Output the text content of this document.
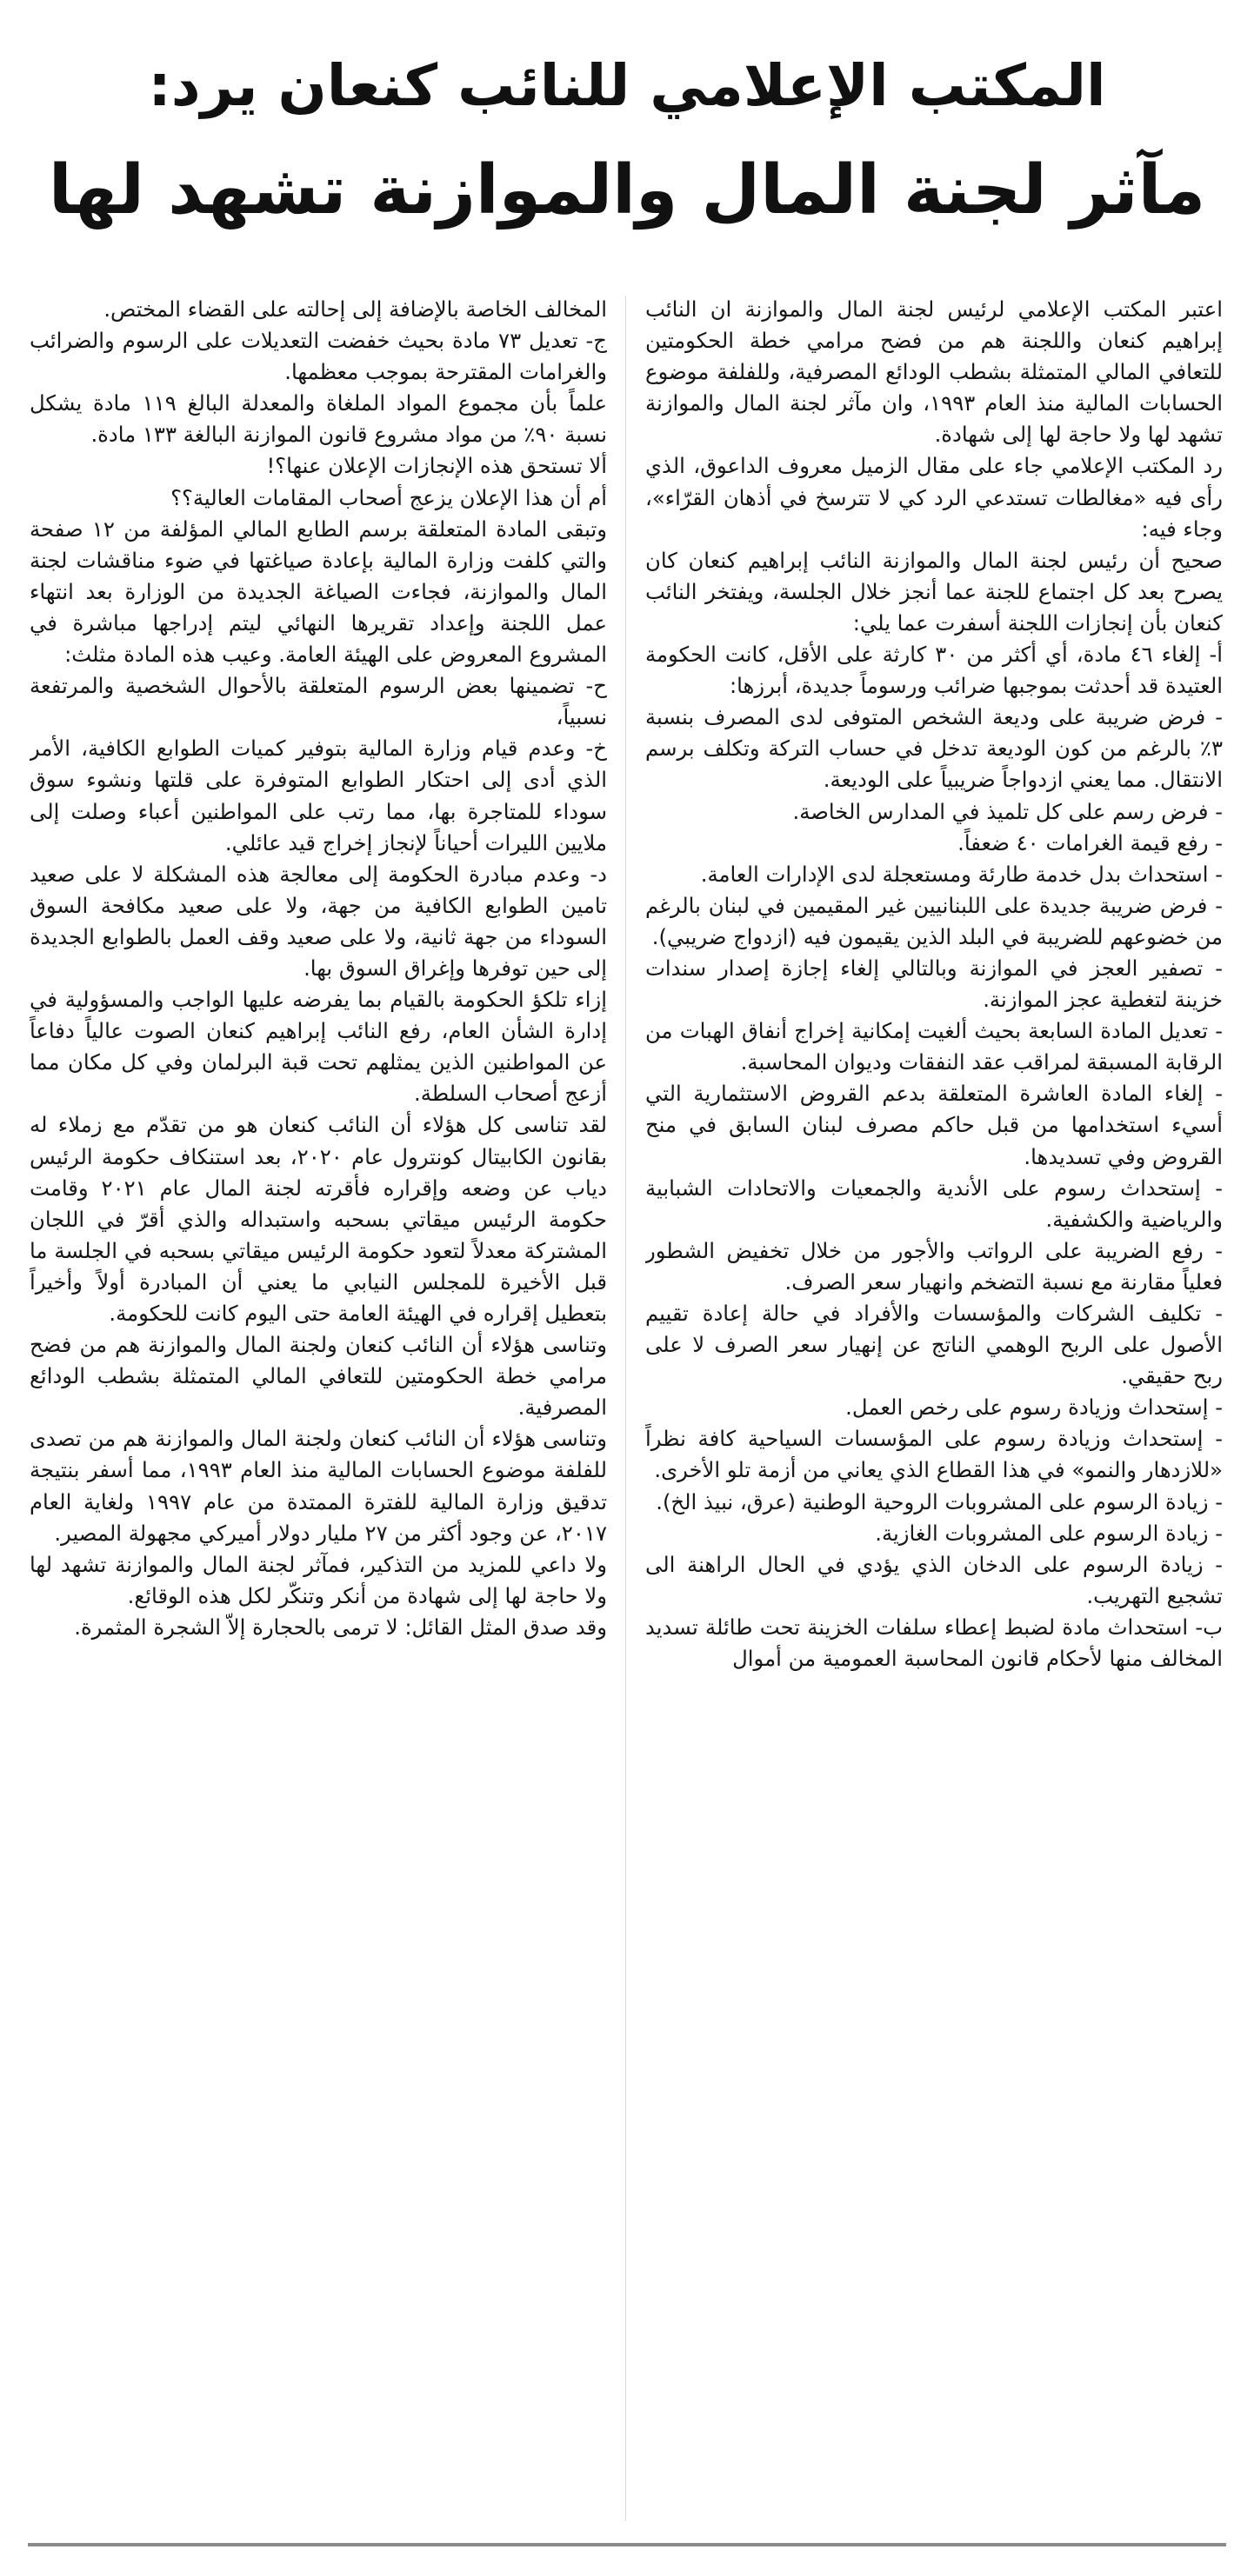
المكتب الإعلامي للنائب كنعان يرد:
مآثر لجنة المال والموازنة تشهد لها

اعتبر المكتب الإعلامي لرئيس لجنة المال والموازنة ان النائب إبراهيم كنعان واللجنة هم من فضح مرامي خطة الحكومتين للتعافي المالي المتمثلة بشطب الودائع المصرفية، وللفلفة موضوع الحسابات المالية منذ العام ١٩٩٣، وان مآثر لجنة المال والموازنة تشهد لها ولا حاجة لها إلى شهادة.

رد المكتب الإعلامي جاء على مقال الزميل معروف الداعوق، الذي رأى فيه «مغالطات تستدعي الرد كي لا تترسخ في أذهان القرّاء»، وجاء فيه:

صحيح أن رئيس لجنة المال والموازنة النائب إبراهيم كنعان كان يصرح بعد كل اجتماع للجنة عما أنجز خلال الجلسة، ويفتخر النائب كنعان بأن إنجازات اللجنة أسفرت عما يلي:

أ- إلغاء ٤٦ مادة، أي أكثر من ٣٠ كارثة على الأقل، كانت الحكومة العتيدة قد أحدثت بموجبها ضرائب ورسوماً جديدة، أبرزها:

- فرض ضريبة على وديعة الشخص المتوفى لدى المصرف بنسبة ٣٪ بالرغم من كون الوديعة تدخل في حساب التركة وتكلف برسم الانتقال. مما يعني ازدواجاً ضريبياً على الوديعة.

- فرض رسم على كل تلميذ في المدارس الخاصة.

- رفع قيمة الغرامات ٤٠ ضعفاً.

- استحداث بدل خدمة طارئة ومستعجلة لدى الإدارات العامة.

- فرض ضريبة جديدة على اللبنانيين غير المقيمين في لبنان بالرغم من خضوعهم للضريبة في البلد الذين يقيمون فيه (ازدواج ضريبي).

- تصفير العجز في الموازنة وبالتالي إلغاء إجازة إصدار سندات خزينة لتغطية عجز الموازنة.

- تعديل المادة السابعة بحيث ألغيت إمكانية إخراج أنفاق الهبات من الرقابة المسبقة لمراقب عقد النفقات وديوان المحاسبة.

- إلغاء المادة العاشرة المتعلقة بدعم القروض الاستثمارية التي أسيء استخدامها من قبل حاكم مصرف لبنان السابق في منح القروض وفي تسديدها.

- إستحداث رسوم على الأندية والجمعيات والاتحادات الشبابية والرياضية والكشفية.

- رفع الضريبة على الرواتب والأجور من خلال تخفيض الشطور فعلياً مقارنة مع نسبة التضخم وانهيار سعر الصرف.

- تكليف الشركات والمؤسسات والأفراد في حالة إعادة تقييم الأصول على الربح الوهمي الناتج عن إنهيار سعر الصرف لا على ربح حقيقي.

- إستحداث وزيادة رسوم على رخص العمل.

- إستحداث وزيادة رسوم على المؤسسات السياحية كافة نظراً «للازدهار والنمو» في هذا القطاع الذي يعاني من أزمة تلو الأخرى.

- زيادة الرسوم على المشروبات الروحية الوطنية (عرق، نبيذ الخ).

- زيادة الرسوم على المشروبات الغازية.

- زيادة الرسوم على الدخان الذي يؤدي في الحال الراهنة الى تشجيع التهريب.

ب- استحداث مادة لضبط إعطاء سلفات الخزينة تحت طائلة تسديد المخالف منها لأحكام قانون المحاسبة العمومية من أموال

المخالف الخاصة بالإضافة إلى إحالته على القضاء المختص.

ج- تعديل ٧٣ مادة بحيث خفضت التعديلات على الرسوم والضرائب والغرامات المقترحة بموجب معظمها.

علماً بأن مجموع المواد الملغاة والمعدلة البالغ ١١٩ مادة يشكل نسبة ٩٠٪ من مواد مشروع قانون الموازنة البالغة ١٣٣ مادة.

ألا تستحق هذه الإنجازات الإعلان عنها؟!

أم أن هذا الإعلان يزعج أصحاب المقامات العالية؟؟

وتبقى المادة المتعلقة برسم الطابع المالي المؤلفة من ١٢ صفحة والتي كلفت وزارة المالية بإعادة صياغتها في ضوء مناقشات لجنة المال والموازنة، فجاءت الصياغة الجديدة من الوزارة بعد انتهاء عمل اللجنة وإعداد تقريرها النهائي ليتم إدراجها مباشرة في المشروع المعروض على الهيئة العامة. وعيب هذه المادة مثلث:

ح- تضمينها بعض الرسوم المتعلقة بالأحوال الشخصية والمرتفعة نسبياً،

خ- وعدم قيام وزارة المالية بتوفير كميات الطوابع الكافية، الأمر الذي أدى إلى احتكار الطوابع المتوفرة على قلتها ونشوء سوق سوداء للمتاجرة بها، مما رتب على المواطنين أعباء وصلت إلى ملايين الليرات أحياناً لإنجاز إخراج قيد عائلي.

د- وعدم مبادرة الحكومة إلى معالجة هذه المشكلة لا على صعيد تامين الطوابع الكافية من جهة، ولا على صعيد مكافحة السوق السوداء من جهة ثانية، ولا على صعيد وقف العمل بالطوابع الجديدة إلى حين توفرها وإغراق السوق بها.

إزاء تلكؤ الحكومة بالقيام بما يفرضه عليها الواجب والمسؤولية في إدارة الشأن العام، رفع النائب إبراهيم كنعان الصوت عالياً دفاعاً عن المواطنين الذين يمثلهم تحت قبة البرلمان وفي كل مكان مما أزعج أصحاب السلطة.

لقد تناسى كل هؤلاء أن النائب كنعان هو من تقدّم مع زملاء له بقانون الكابيتال كونترول عام ٢٠٢٠، بعد استنكاف حكومة الرئيس دياب عن وضعه وإقراره فأقرته لجنة المال عام ٢٠٢١ وقامت حكومة الرئيس ميقاتي بسحبه واستبداله والذي أقرّ في اللجان المشتركة معدلاً لتعود حكومة الرئيس ميقاتي بسحبه في الجلسة ما قبل الأخيرة للمجلس النيابي ما يعني أن المبادرة أولاً وأخيراً بتعطيل إقراره في الهيئة العامة حتى اليوم كانت للحكومة.

وتناسى هؤلاء أن النائب كنعان ولجنة المال والموازنة هم من فضح مرامي خطة الحكومتين للتعافي المالي المتمثلة بشطب الودائع المصرفية.

وتناسى هؤلاء أن النائب كنعان ولجنة المال والموازنة هم من تصدى للفلفة موضوع الحسابات المالية منذ العام ١٩٩٣، مما أسفر بنتيجة تدقيق وزارة المالية للفترة الممتدة من عام ١٩٩٧ ولغاية العام ٢٠١٧، عن وجود أكثر من ٢٧ مليار دولار أميركي مجهولة المصير.

ولا داعي للمزيد من التذكير، فمآثر لجنة المال والموازنة تشهد لها ولا حاجة لها إلى شهادة من أنكر وتنكّر لكل هذه الوقائع.

وقد صدق المثل القائل: لا ترمى بالحجارة إلاّ الشجرة المثمرة.
